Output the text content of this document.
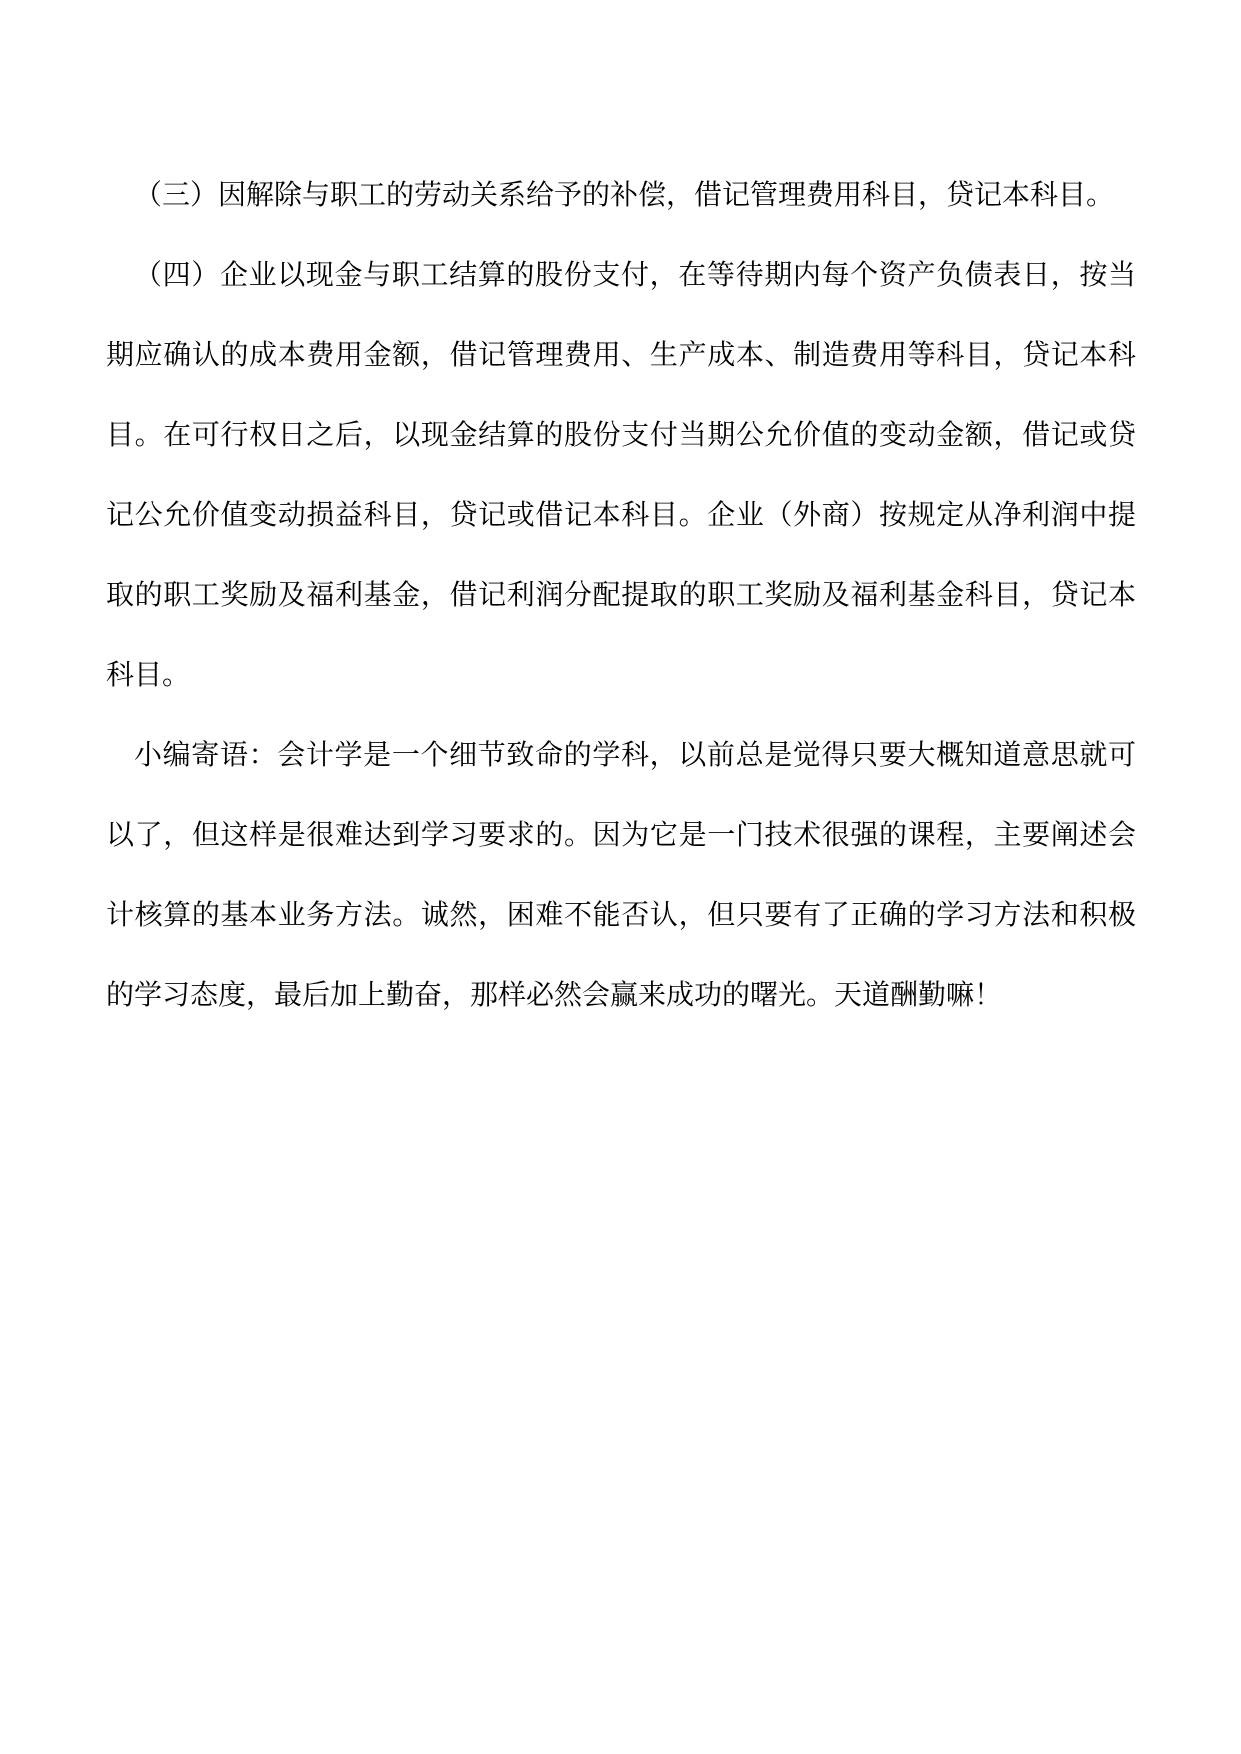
（三）因解除与职工的劳动关系给予的补偿，借记管理费用科目，贷记本科目。

（四）企业以现金与职工结算的股份支付，在等待期内每个资产负债表日，按当期应确认的成本费用金额，借记管理费用、生产成本、制造费用等科目，贷记本科目。在可行权日之后，以现金结算的股份支付当期公允价值的变动金额，借记或贷记公允价值变动损益科目，贷记或借记本科目。企业（外商）按规定从净利润中提取的职工奖励及福利基金，借记利润分配提取的职工奖励及福利基金科目，贷记本科目。

小编寄语：会计学是一个细节致命的学科，以前总是觉得只要大概知道意思就可以了，但这样是很难达到学习要求的。因为它是一门技术很强的课程，主要阐述会计核算的基本业务方法。诚然，困难不能否认，但只要有了正确的学习方法和积极的学习态度，最后加上勤奋，那样必然会赢来成功的曙光。天道酬勤嘛！
